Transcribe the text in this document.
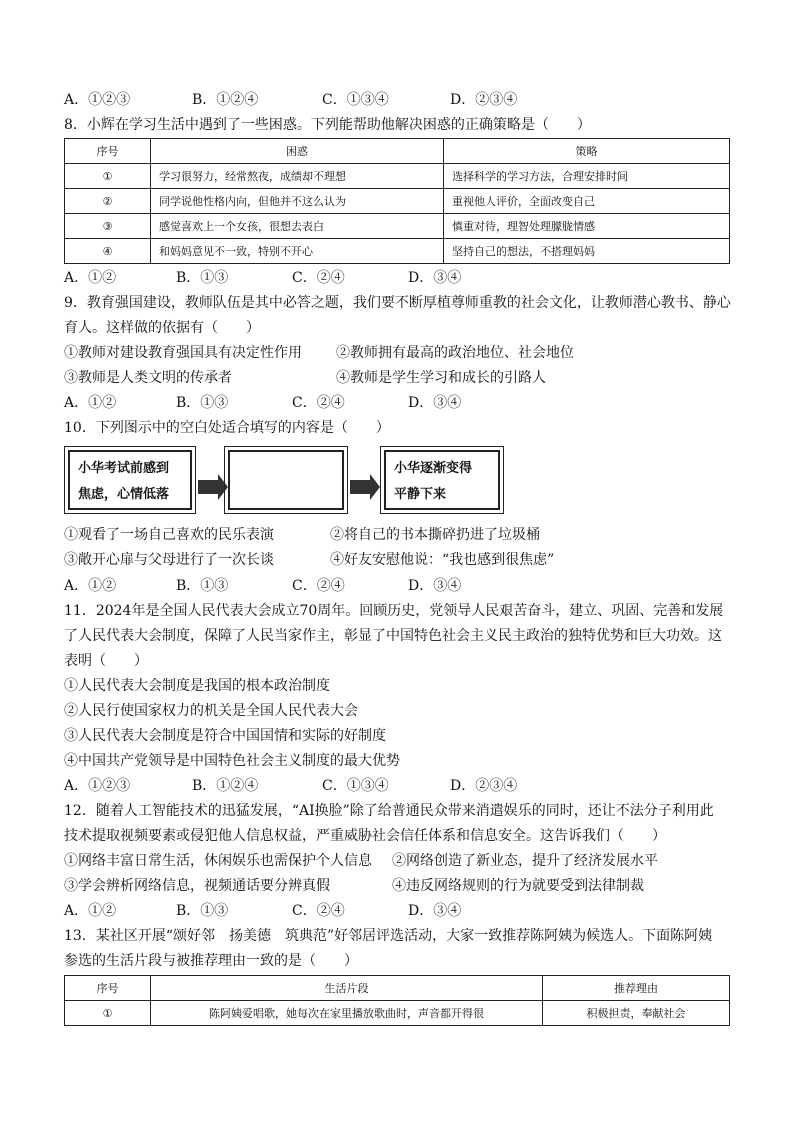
A．①②③	B．①②④	C．①③④	D．②③④
8．小辉在学习生活中遇到了一些困惑。下列能帮助他解决困惑的正确策略是（　　）
序号	困惑	策略
①	学习很努力，经常熬夜，成绩却不理想	选择科学的学习方法，合理安排时间
②	同学说他性格内向，但他并不这么认为	重视他人评价，全面改变自己
③	感觉喜欢上一个女孩，很想去表白	慎重对待，理智处理朦胧情感
④	和妈妈意见不一致，特别不开心	坚持自己的想法，不搭理妈妈
A．①②	B．①③	C．②④	D．③④
9．教育强国建设，教师队伍是其中必答之题，我们要不断厚植尊师重教的社会文化，让教师潜心教书、静心
育人。这样做的依据有（　　）
①教师对建设教育强国具有决定性作用 ②教师拥有最高的政治地位、社会地位
③教师是人类文明的传承者	④教师是学生学习和成长的引路人
A．①②	B．①③	C．②④	D．③④
10．下列图示中的空白处适合填写的内容是（　　）
小华考试前感到
焦虑，心情低落
小华逐渐变得
平静下来
①观看了一场自己喜欢的民乐表演	②将自己的书本撕碎扔进了垃圾桶
③敞开心扉与父母进行了一次长谈	④好友安慰他说：“我也感到很焦虑”
A．①②	B．①③	C．②④	D．③④
11．2024年是全国人民代表大会成立70周年。回顾历史，党领导人民艰苦奋斗，建立、巩固、完善和发展
了人民代表大会制度，保障了人民当家作主，彰显了中国特色社会主义民主政治的独特优势和巨大功效。这
表明（　　）
①人民代表大会制度是我国的根本政治制度
②人民行使国家权力的机关是全国人民代表大会
③人民代表大会制度是符合中国国情和实际的好制度
④中国共产党领导是中国特色社会主义制度的最大优势
A．①②③	B．①②④	C．①③④	D．②③④
12．随着人工智能技术的迅猛发展，“AI换脸”除了给普通民众带来消遣娱乐的同时，还让不法分子利用此
技术提取视频要素或侵犯他人信息权益，严重威胁社会信任体系和信息安全。这告诉我们（　　）
①网络丰富日常生活，休闲娱乐也需保护个人信息 ②网络创造了新业态，提升了经济发展水平
③学会辨析网络信息，视频通话要分辨真假	④违反网络规则的行为就要受到法律制裁
A．①②	B．①③	C．②④	D．③④
13．某社区开展“颂好邻　扬美德　筑典范”好邻居评选活动，大家一致推荐陈阿姨为候选人。下面陈阿姨
参选的生活片段与被推荐理由一致的是（　　）
序号	生活片段	推荐理由
①	陈阿姨爱唱歌，她每次在家里播放歌曲时，声音都开得很	积极担责，奉献社会
